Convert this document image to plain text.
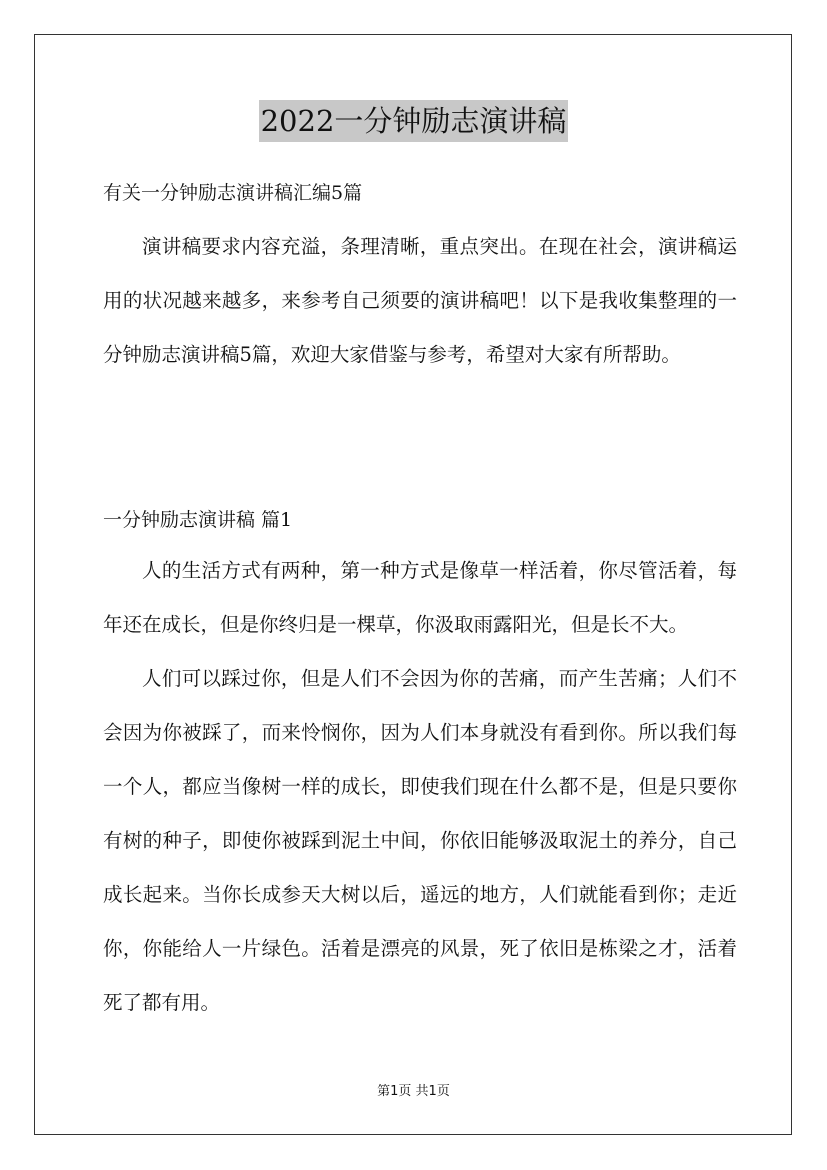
2022一分钟励志演讲稿
有关一分钟励志演讲稿汇编5篇

演讲稿要求内容充溢，条理清晰，重点突出。在现在社会，演讲稿运用的状况越来越多，来参考自己须要的演讲稿吧！以下是我收集整理的一分钟励志演讲稿5篇，欢迎大家借鉴与参考，希望对大家有所帮助。

一分钟励志演讲稿 篇1

人的生活方式有两种，第一种方式是像草一样活着，你尽管活着，每年还在成长，但是你终归是一棵草，你汲取雨露阳光，但是长不大。

人们可以踩过你，但是人们不会因为你的苦痛，而产生苦痛；人们不会因为你被踩了，而来怜悯你，因为人们本身就没有看到你。所以我们每一个人，都应当像树一样的成长，即使我们现在什么都不是，但是只要你有树的种子，即使你被踩到泥土中间，你依旧能够汲取泥土的养分，自己成长起来。当你长成参天大树以后，遥远的地方，人们就能看到你；走近你，你能给人一片绿色。活着是漂亮的风景，死了依旧是栋梁之才，活着死了都有用。

第1页 共1页
